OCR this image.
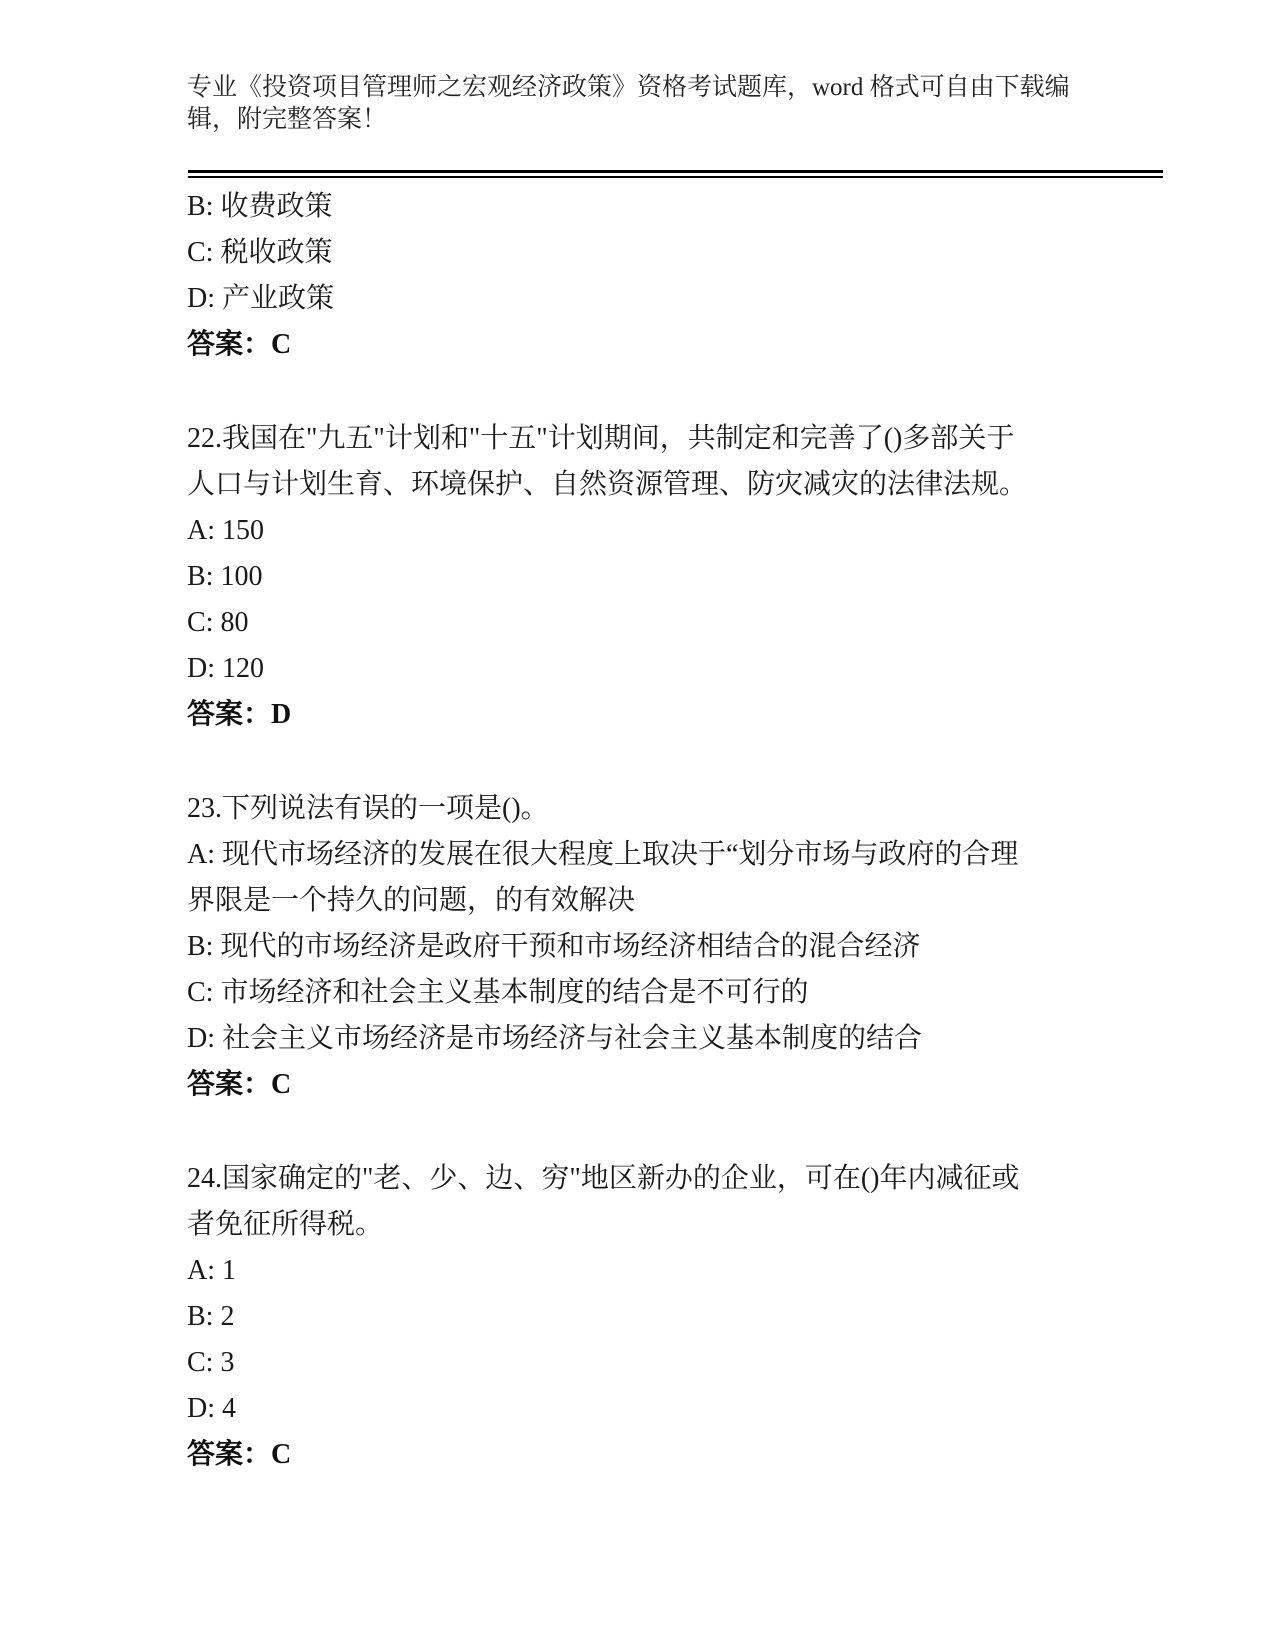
专业《投资项目管理师之宏观经济政策》资格考试题库，word 格式可自由下载编

辑，附完整答案！

B: 收费政策

C: 税收政策

D: 产业政策

答案：C

22.我国在"九五"计划和"十五"计划期间，共制定和完善了()多部关于

人口与计划生育、环境保护、自然资源管理、防灾减灾的法律法规。

A: 150

B: 100

C: 80

D: 120

答案：D

23.下列说法有误的一项是()。

A: 现代市场经济的发展在很大程度上取决于“划分市场与政府的合理

界限是一个持久的问题，的有效解决

B: 现代的市场经济是政府干预和市场经济相结合的混合经济

C: 市场经济和社会主义基本制度的结合是不可行的

D: 社会主义市场经济是市场经济与社会主义基本制度的结合

答案：C

24.国家确定的"老、少、边、穷"地区新办的企业，可在()年内减征或

者免征所得税。

A: 1

B: 2

C: 3

D: 4

答案：C
